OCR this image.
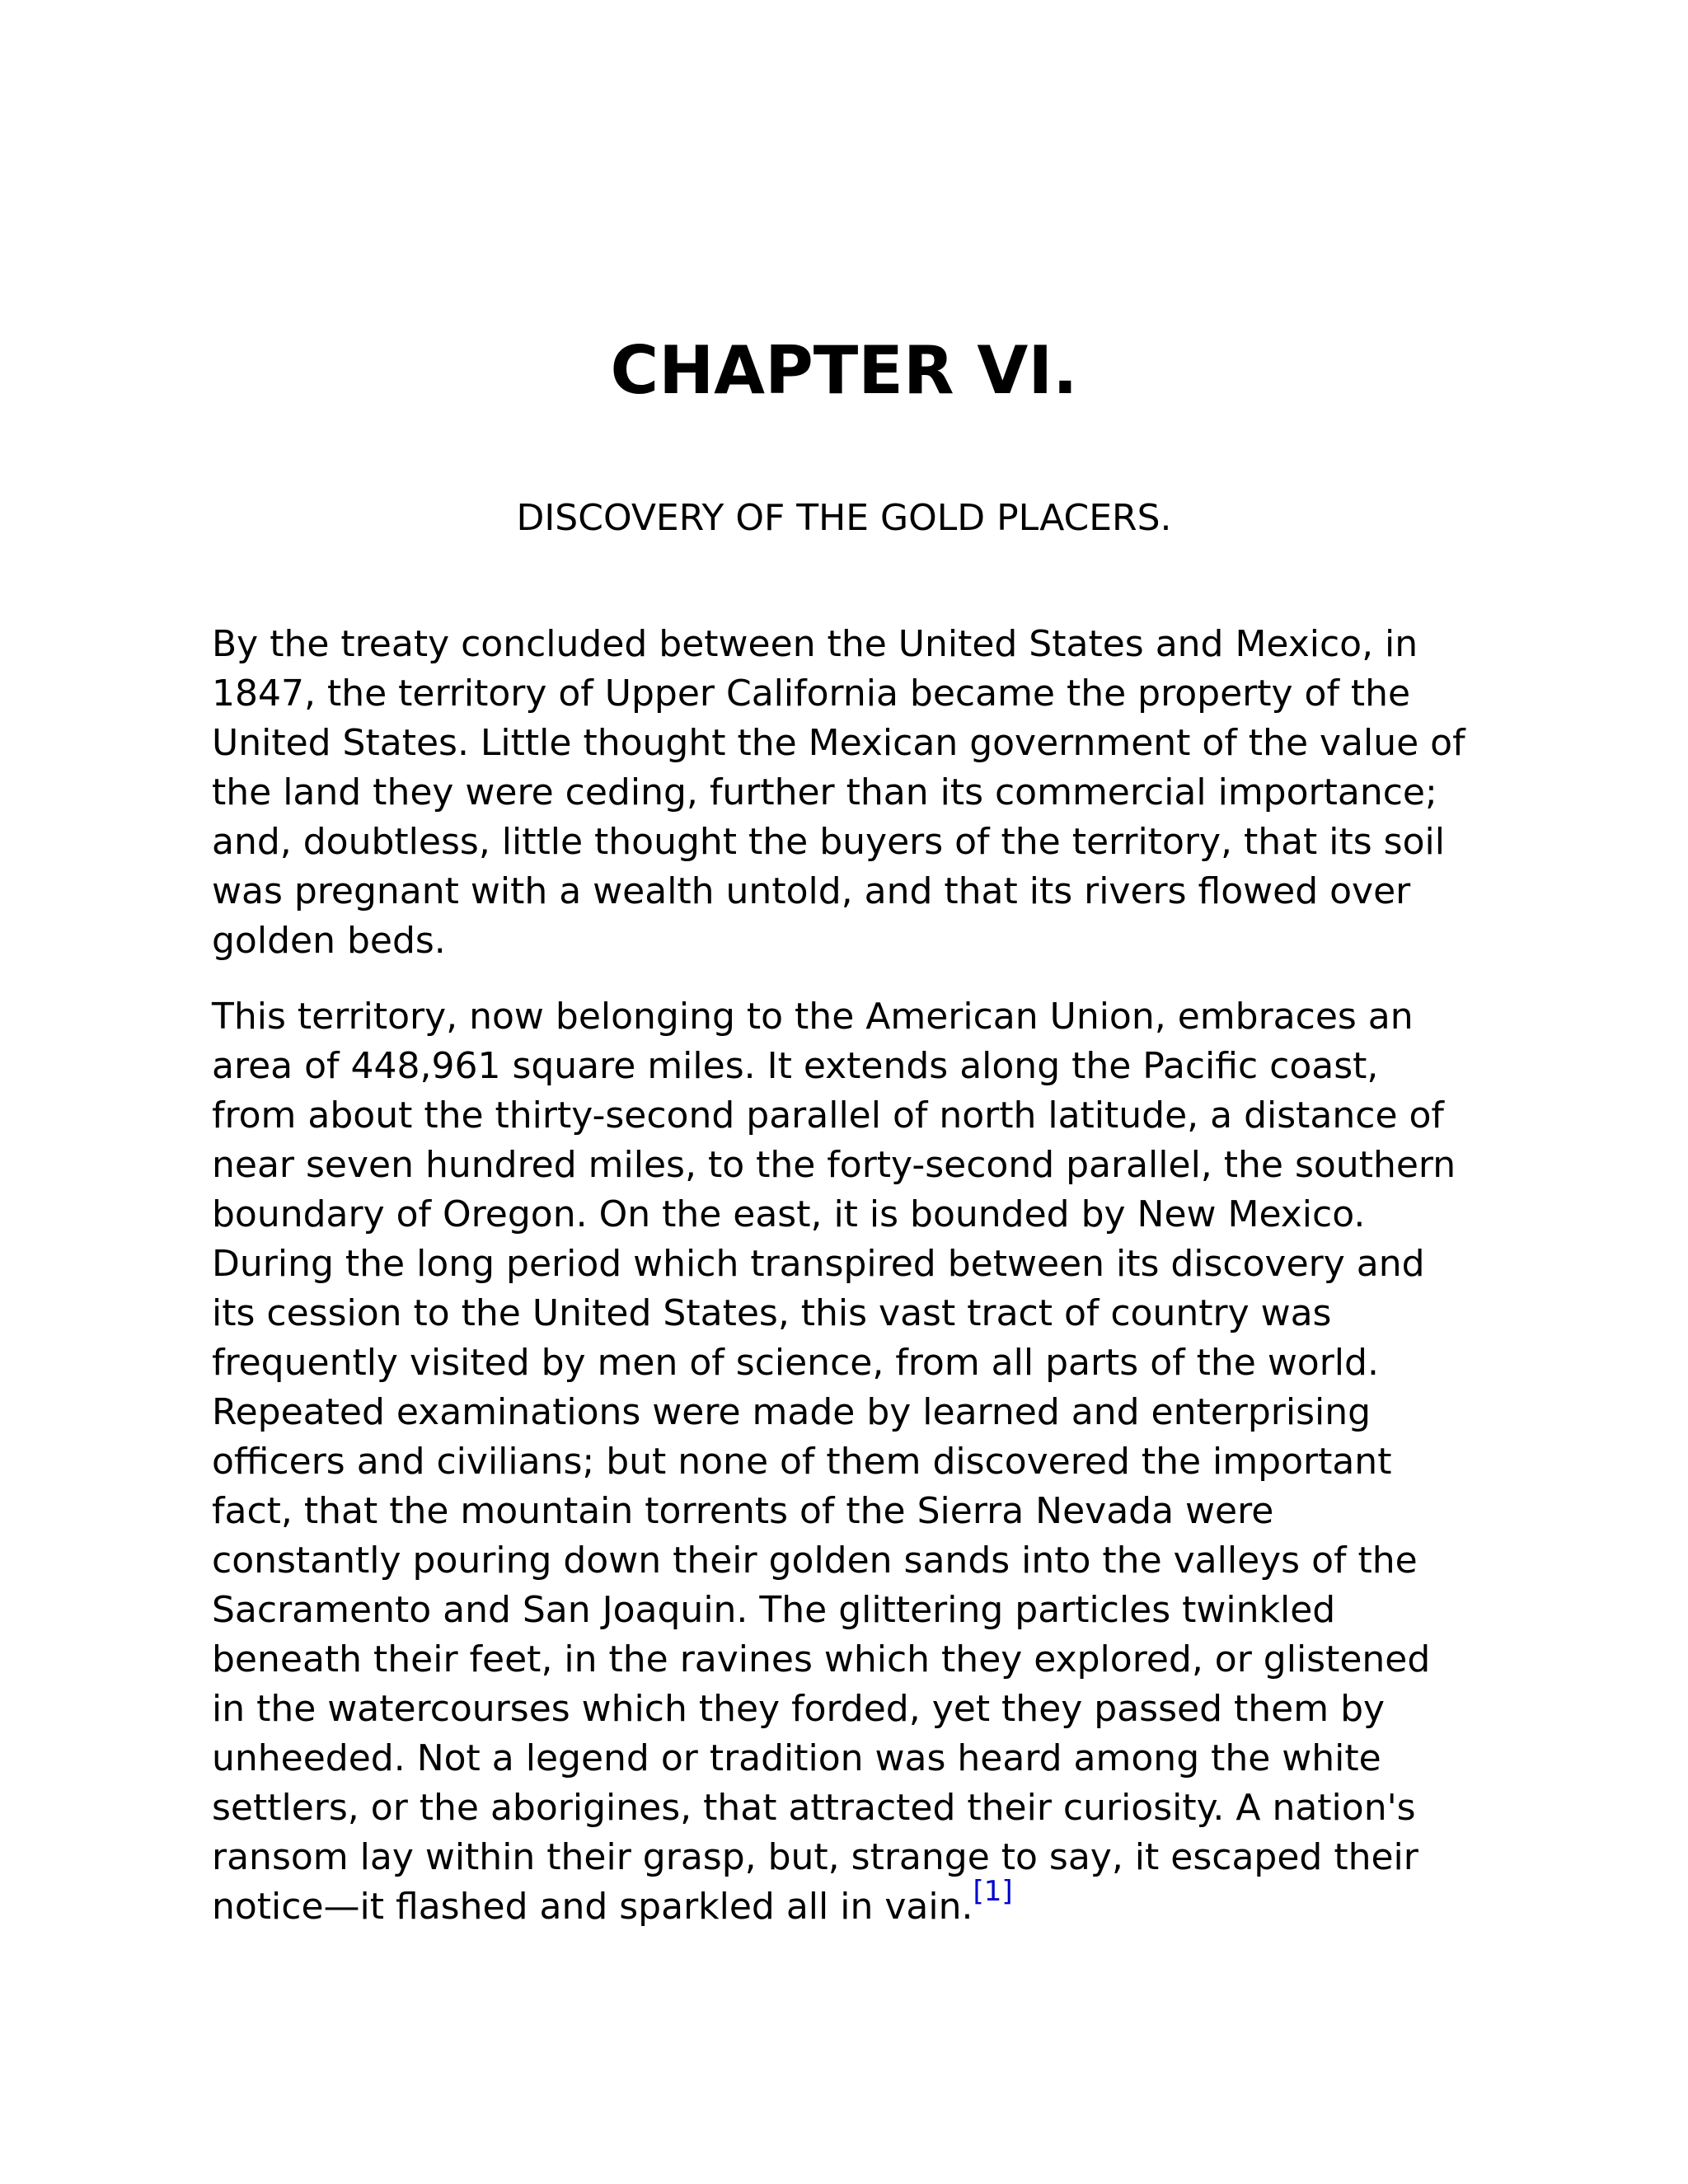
CHAPTER VI.

DISCOVERY OF THE GOLD PLACERS.

By the treaty concluded between the United States and Mexico, in
1847, the territory of Upper California became the property of the
United States. Little thought the Mexican government of the value of
the land they were ceding, further than its commercial importance;
and, doubtless, little thought the buyers of the territory, that its soil
was pregnant with a wealth untold, and that its rivers flowed over
golden beds.

This territory, now belonging to the American Union, embraces an
area of 448,961 square miles. It extends along the Pacific coast,
from about the thirty-second parallel of north latitude, a distance of
near seven hundred miles, to the forty-second parallel, the southern
boundary of Oregon. On the east, it is bounded by New Mexico.
During the long period which transpired between its discovery and
its cession to the United States, this vast tract of country was
frequently visited by men of science, from all parts of the world.
Repeated examinations were made by learned and enterprising
officers and civilians; but none of them discovered the important
fact, that the mountain torrents of the Sierra Nevada were
constantly pouring down their golden sands into the valleys of the
Sacramento and San Joaquin. The glittering particles twinkled
beneath their feet, in the ravines which they explored, or glistened
in the watercourses which they forded, yet they passed them by
unheeded. Not a legend or tradition was heard among the white
settlers, or the aborigines, that attracted their curiosity. A nation's
ransom lay within their grasp, but, strange to say, it escaped their
notice—it flashed and sparkled all in vain.[1]
